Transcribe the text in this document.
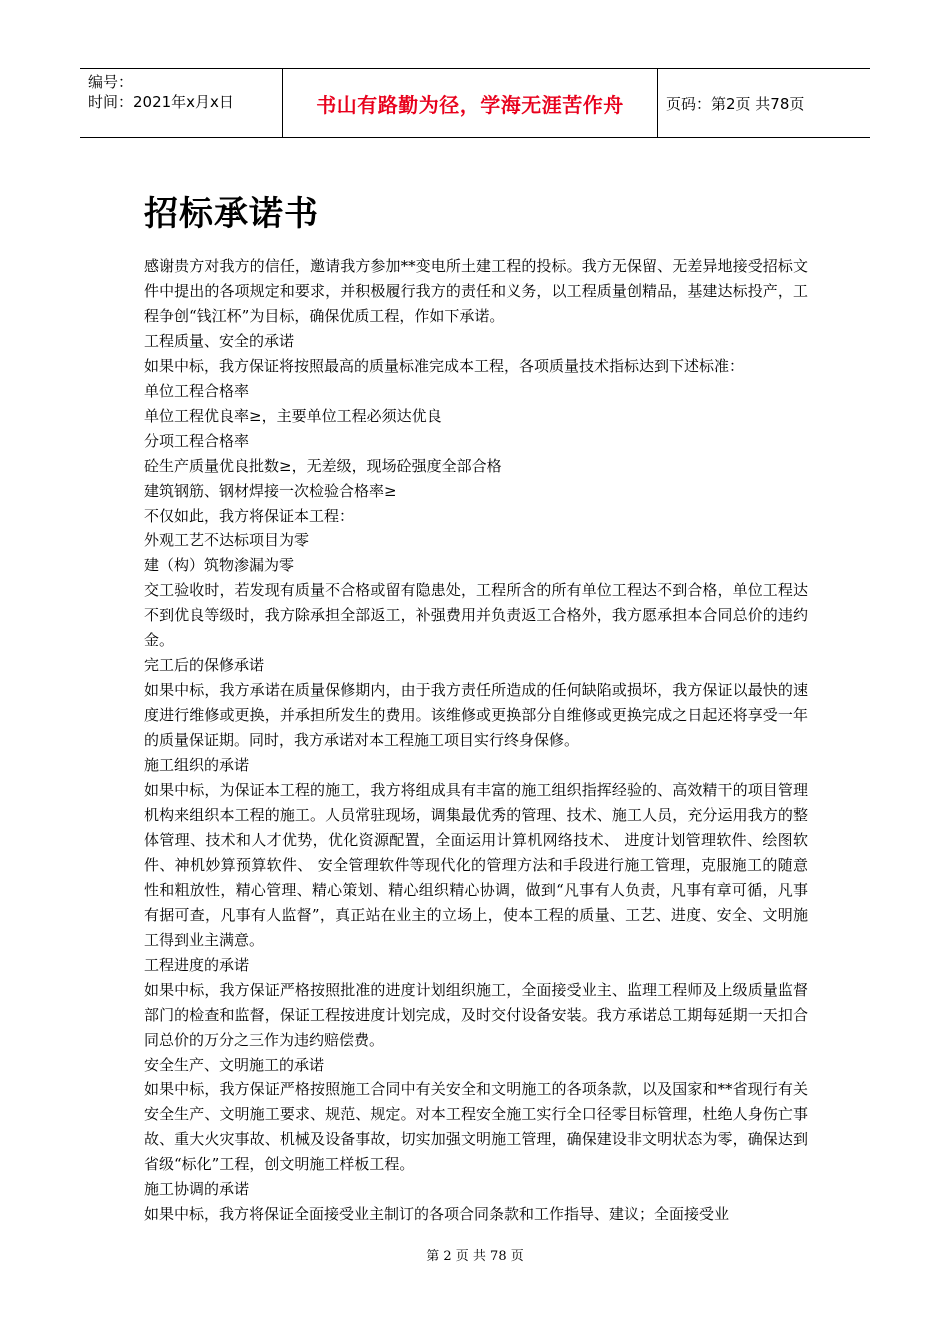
编号：
时间：2021年x月x日	书山有路勤为径，学海无涯苦作舟	页码：第2页 共78页
招标承诺书

感谢贵方对我方的信任，邀请我方参加**变电所土建工程的投标。我方无保留、无差异地接受招标文件中提出的各项规定和要求，并积极履行我方的责任和义务，以工程质量创精品，基建达标投产，工程争创“钱江杯”为目标，确保优质工程，作如下承诺。

工程质量、安全的承诺

如果中标，我方保证将按照最高的质量标准完成本工程，各项质量技术指标达到下述标准：

单位工程合格率

单位工程优良率≥，主要单位工程必须达优良

分项工程合格率

砼生产质量优良批数≥，无差级，现场砼强度全部合格

建筑钢筋、钢材焊接一次检验合格率≥

不仅如此，我方将保证本工程：

外观工艺不达标项目为零

建（构）筑物渗漏为零

交工验收时，若发现有质量不合格或留有隐患处，工程所含的所有单位工程达不到合格，单位工程达不到优良等级时，我方除承担全部返工，补强费用并负责返工合格外，我方愿承担本合同总价的违约金。

完工后的保修承诺

如果中标，我方承诺在质量保修期内，由于我方责任所造成的任何缺陷或损坏，我方保证以最快的速度进行维修或更换，并承担所发生的费用。该维修或更换部分自维修或更换完成之日起还将享受一年的质量保证期。同时，我方承诺对本工程施工项目实行终身保修。

施工组织的承诺

如果中标，为保证本工程的施工，我方将组成具有丰富的施工组织指挥经验的、高效精干的项目管理机构来组织本工程的施工。人员常驻现场，调集最优秀的管理、技术、施工人员，充分运用我方的整体管理、技术和人才优势，优化资源配置，全面运用计算机网络技术、 进度计划管理软件、绘图软件、神机妙算预算软件、 安全管理软件等现代化的管理方法和手段进行施工管理，克服施工的随意性和粗放性，精心管理、精心策划、精心组织精心协调，做到“凡事有人负责，凡事有章可循，凡事有据可查，凡事有人监督”，真正站在业主的立场上，使本工程的质量、工艺、进度、安全、文明施工得到业主满意。

工程进度的承诺

如果中标，我方保证严格按照批准的进度计划组织施工，全面接受业主、监理工程师及上级质量监督部门的检查和监督，保证工程按进度计划完成，及时交付设备安装。我方承诺总工期每延期一天扣合同总价的万分之三作为违约赔偿费。

安全生产、文明施工的承诺

如果中标，我方保证严格按照施工合同中有关安全和文明施工的各项条款，以及国家和**省现行有关安全生产、文明施工要求、规范、规定。对本工程安全施工实行全口径零目标管理，杜绝人身伤亡事故、重大火灾事故、机械及设备事故，切实加强文明施工管理，确保建设非文明状态为零，确保达到省级“标化”工程，创文明施工样板工程。

施工协调的承诺

如果中标，我方将保证全面接受业主制订的各项合同条款和工作指导、建议；全面接受业

第 2 页 共 78 页
